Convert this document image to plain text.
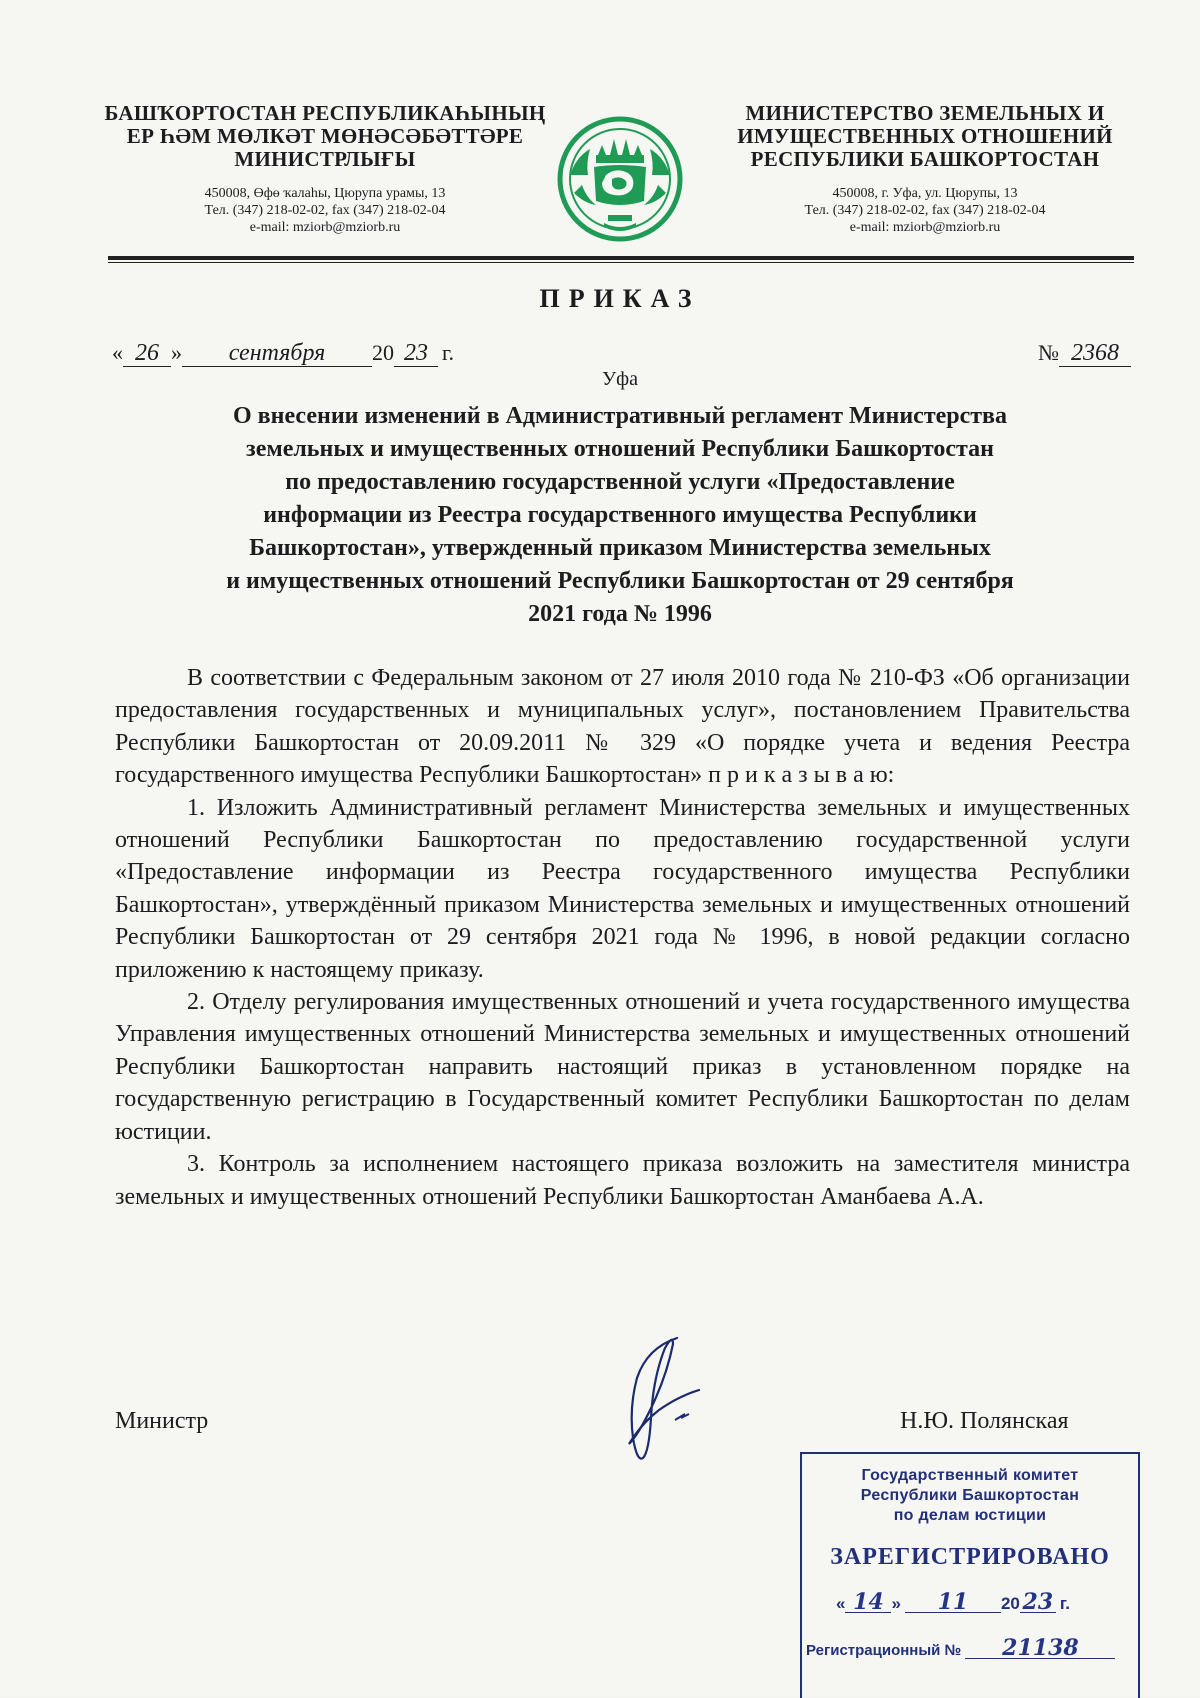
БАШҠОРТОСТАН РЕСПУБЛИКАҺЫНЫҢ
ЕР ҺӘМ МӨЛКӘТ МӨНӘСӘБӘТТӘРЕ
МИНИСТРЛЫҒЫ
450008, Өфө ҡалаһы, Цюрупа урамы, 13
Тел. (347) 218-02-02, fax (347) 218-02-04
e-mail: mziorb@mziorb.ru
МИНИСТЕРСТВО ЗЕМЕЛЬНЫХ И
ИМУЩЕСТВЕННЫХ ОТНОШЕНИЙ
РЕСПУБЛИКИ БАШКОРТОСТАН
450008, г. Уфа, ул. Цюрупы, 13
Тел. (347) 218-02-02, fax (347) 218-02-04
e-mail: mziorb@mziorb.ru
ПРИКАЗ
« 26 » сентября 20 23 г.	№ 2368
Уфа
О внесении изменений в Административный регламент Министерства
земельных и имущественных отношений Республики Башкортостан
по предоставлению государственной услуги «Предоставление
информации из Реестра государственного имущества Республики
Башкортостан», утвержденный приказом Министерства земельных
и имущественных отношений Республики Башкортостан от 29 сентября
2021 года № 1996

В соответствии с Федеральным законом от 27 июля 2010 года № 210-ФЗ «Об организации предоставления государственных и муниципальных услуг», постановлением Правительства Республики Башкортостан от 20.09.2011 № 329 «О порядке учета и ведения Реестра государственного имущества Республики Башкортостан» п р и к а з ы в а ю:

1. Изложить Административный регламент Министерства земельных и имущественных отношений Республики Башкортостан по предоставлению государственной услуги «Предоставление информации из Реестра государственного имущества Республики Башкортостан», утверждённый приказом Министерства земельных и имущественных отношений Республики Башкортостан от 29 сентября 2021 года № 1996, в новой редакции согласно приложению к настоящему приказу.

2. Отделу регулирования имущественных отношений и учета государственного имущества Управления имущественных отношений Министерства земельных и имущественных отношений Республики Башкортостан направить настоящий приказ в установленном порядке на государственную регистрацию в Государственный комитет Республики Башкортостан по делам юстиции.

3. Контроль за исполнением настоящего приказа возложить на заместителя министра земельных и имущественных отношений Республики Башкортостан Аманбаева А.А.

Министр	Н.Ю. Полянская
Государственный комитет
Республики Башкортостан
по делам юстиции
ЗАРЕГИСТРИРОВАНО
« 14 » 11 20 23 г.
Регистрационный № 21138
